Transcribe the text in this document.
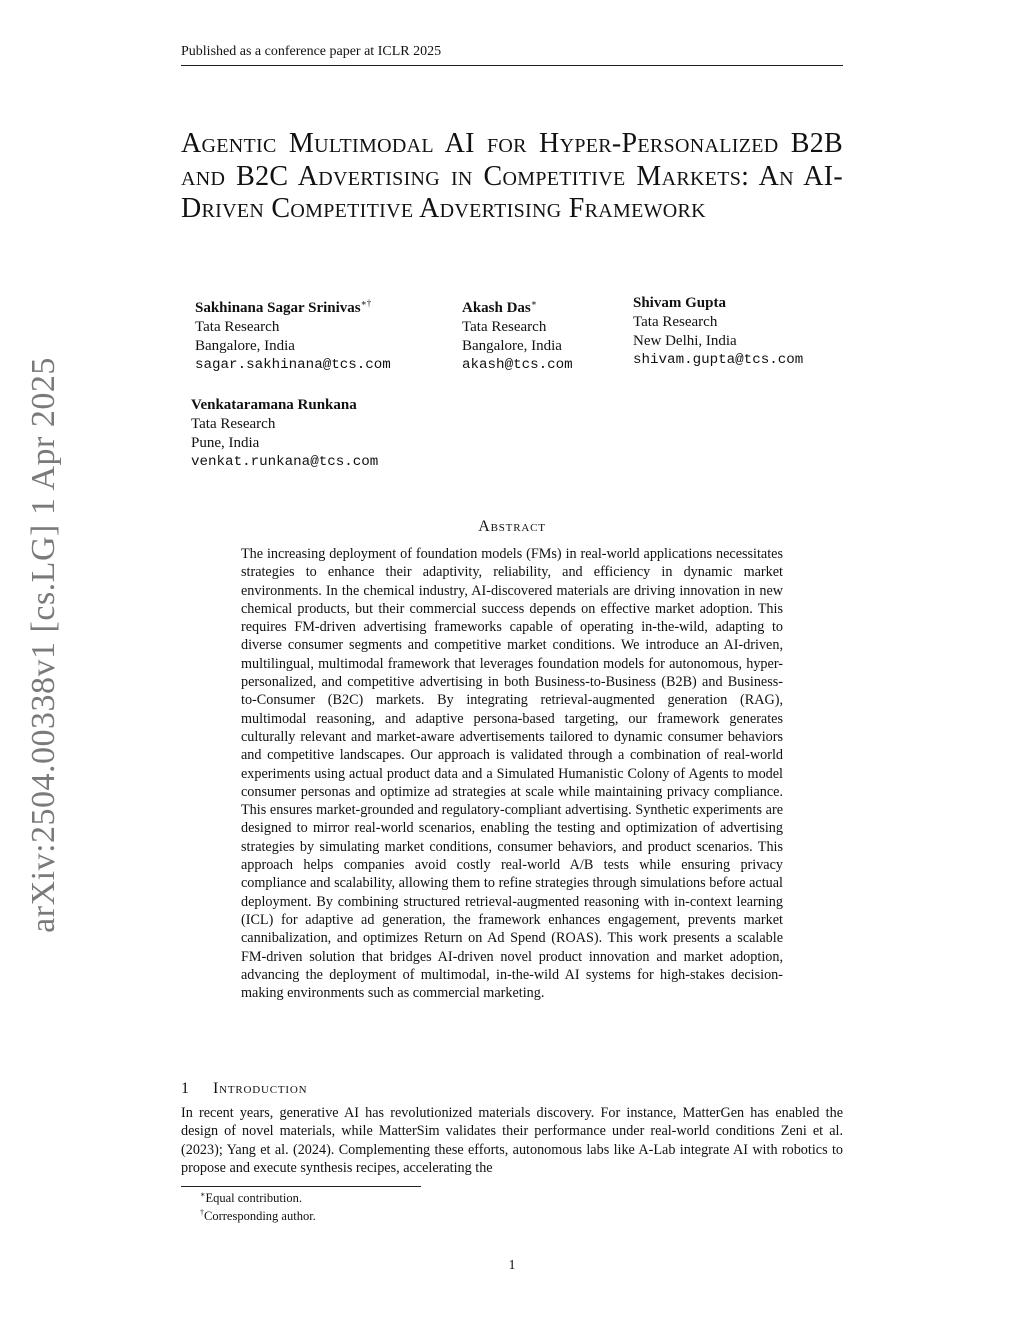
Published as a conference paper at ICLR 2025
arXiv:2504.00338v1 [cs.LG] 1 Apr 2025
Agentic Multimodal AI for Hyper-Personalized B2B and B2C Advertising in Competitive Markets: An AI-Driven Competitive Advertising Framework
Sakhinana Sagar Srinivas∗†
Tata Research
Bangalore, India
sagar.sakhinana@tcs.com
Akash Das∗
Tata Research
Bangalore, India
akash@tcs.com
Shivam Gupta
Tata Research
New Delhi, India
shivam.gupta@tcs.com
Venkataramana Runkana
Tata Research
Pune, India
venkat.runkana@tcs.com
Abstract

The increasing deployment of foundation models (FMs) in real-world applications necessitates strategies to enhance their adaptivity, reliability, and efficiency in dynamic market environments. In the chemical industry, AI-discovered materials are driving innovation in new chemical products, but their commercial success depends on effective market adoption. This requires FM-driven advertising frameworks capable of operating in-the-wild, adapting to diverse consumer segments and competitive market conditions. We introduce an AI-driven, multilingual, multimodal framework that leverages foundation models for autonomous, hyper-personalized, and competitive advertising in both Business-to-Business (B2B) and Business-to-Consumer (B2C) markets. By integrating retrieval-augmented generation (RAG), multimodal reasoning, and adaptive persona-based targeting, our framework generates culturally relevant and market-aware advertisements tailored to dynamic consumer behaviors and competitive landscapes. Our approach is validated through a combination of real-world experiments using actual product data and a Simulated Humanistic Colony of Agents to model consumer personas and optimize ad strategies at scale while maintaining privacy compliance. This ensures market-grounded and regulatory-compliant advertising. Synthetic experiments are designed to mirror real-world scenarios, enabling the testing and optimization of advertising strategies by simulating market conditions, consumer behaviors, and product scenarios. This approach helps companies avoid costly real-world A/B tests while ensuring privacy compliance and scalability, allowing them to refine strategies through simulations before actual deployment. By combining structured retrieval-augmented reasoning with in-context learning (ICL) for adaptive ad generation, the framework enhances engagement, prevents market cannibalization, and optimizes Return on Ad Spend (ROAS). This work presents a scalable FM-driven solution that bridges AI-driven novel product innovation and market adoption, advancing the deployment of multimodal, in-the-wild AI systems for high-stakes decision-making environments such as commercial marketing.

1 Introduction

In recent years, generative AI has revolutionized materials discovery. For instance, MatterGen has enabled the design of novel materials, while MatterSim validates their performance under real-world conditions Zeni et al. (2023); Yang et al. (2024). Complementing these efforts, autonomous labs like A-Lab integrate AI with robotics to propose and execute synthesis recipes, accelerating the

∗Equal contribution.
†Corresponding author.
1
